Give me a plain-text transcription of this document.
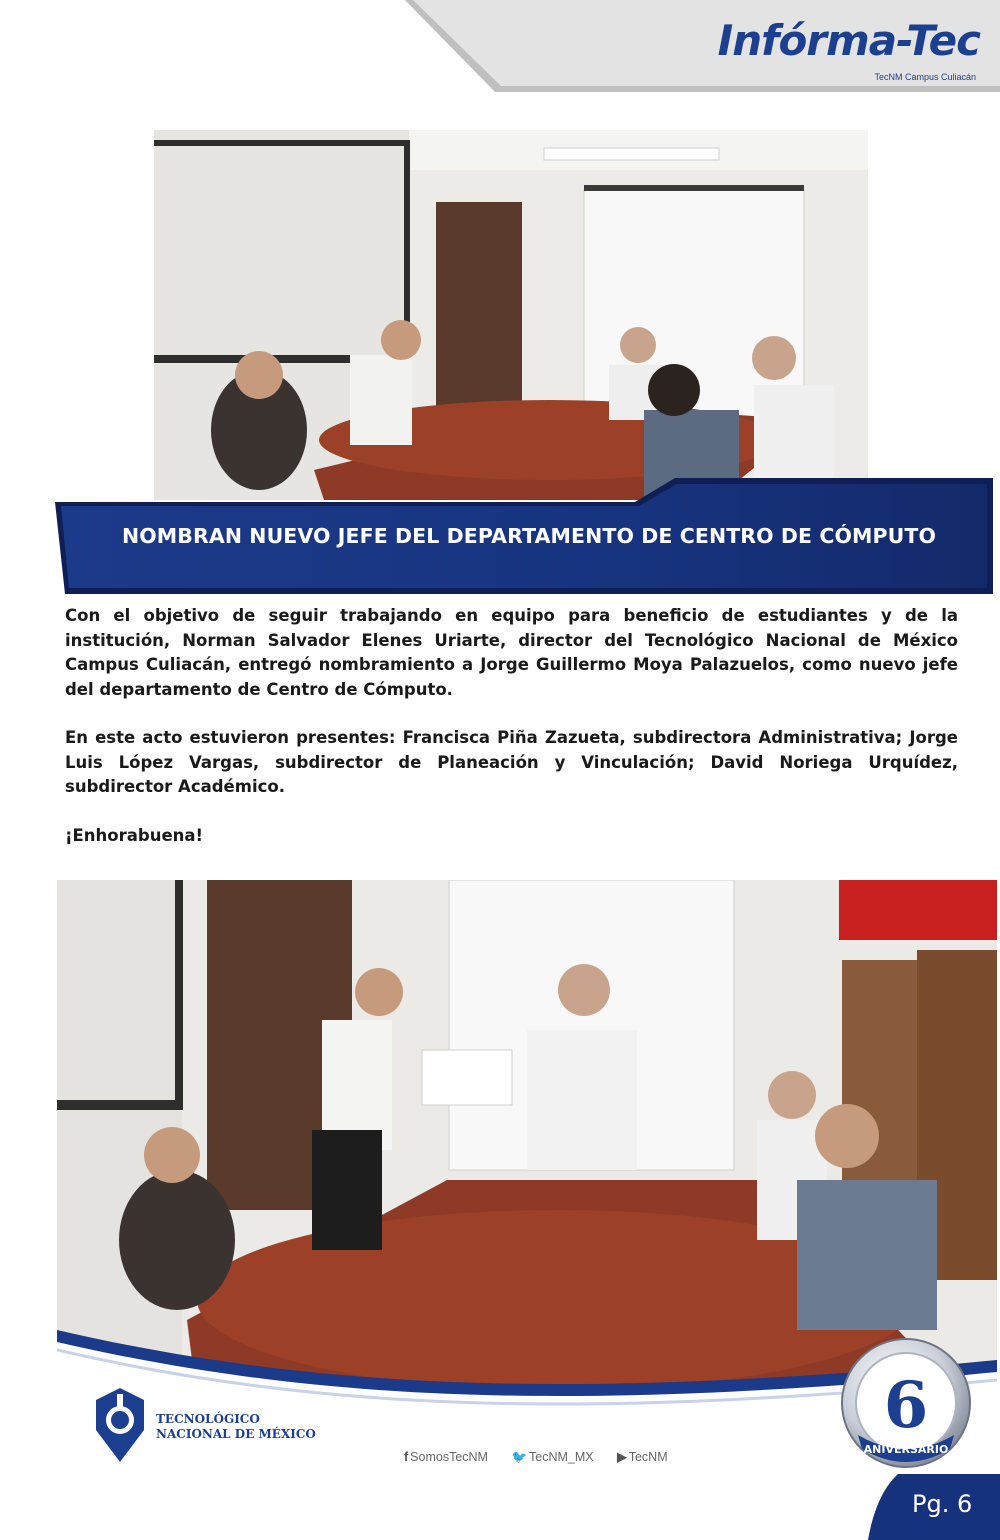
Infórma-Tec
TecNM Campus Culiacán
NOMBRAN NUEVO JEFE DEL DEPARTAMENTO DE CENTRO DE CÓMPUTO

Con el objetivo de seguir trabajando en equipo para beneficio de estudiantes y de la institución, Norman Salvador Elenes Uriarte, director del Tecnológico Nacional de México Campus Culiacán, entregó nombramiento a Jorge Guillermo Moya Palazuelos, como nuevo jefe del departamento de Centro de Cómputo.

En este acto estuvieron presentes: Francisca Piña Zazueta, subdirectora Administrativa; Jorge Luis López Vargas, subdirector de Planeación y Vinculación; David Noriega Urquídez, subdirector Académico.

¡Enhorabuena!

TECNOLÓGICO
NACIONAL DE MÉXICO
f SomosTecNM 🐦 TecNM_MX ▶ TecNM
6
ANIVERSARIO
Pg. 6
